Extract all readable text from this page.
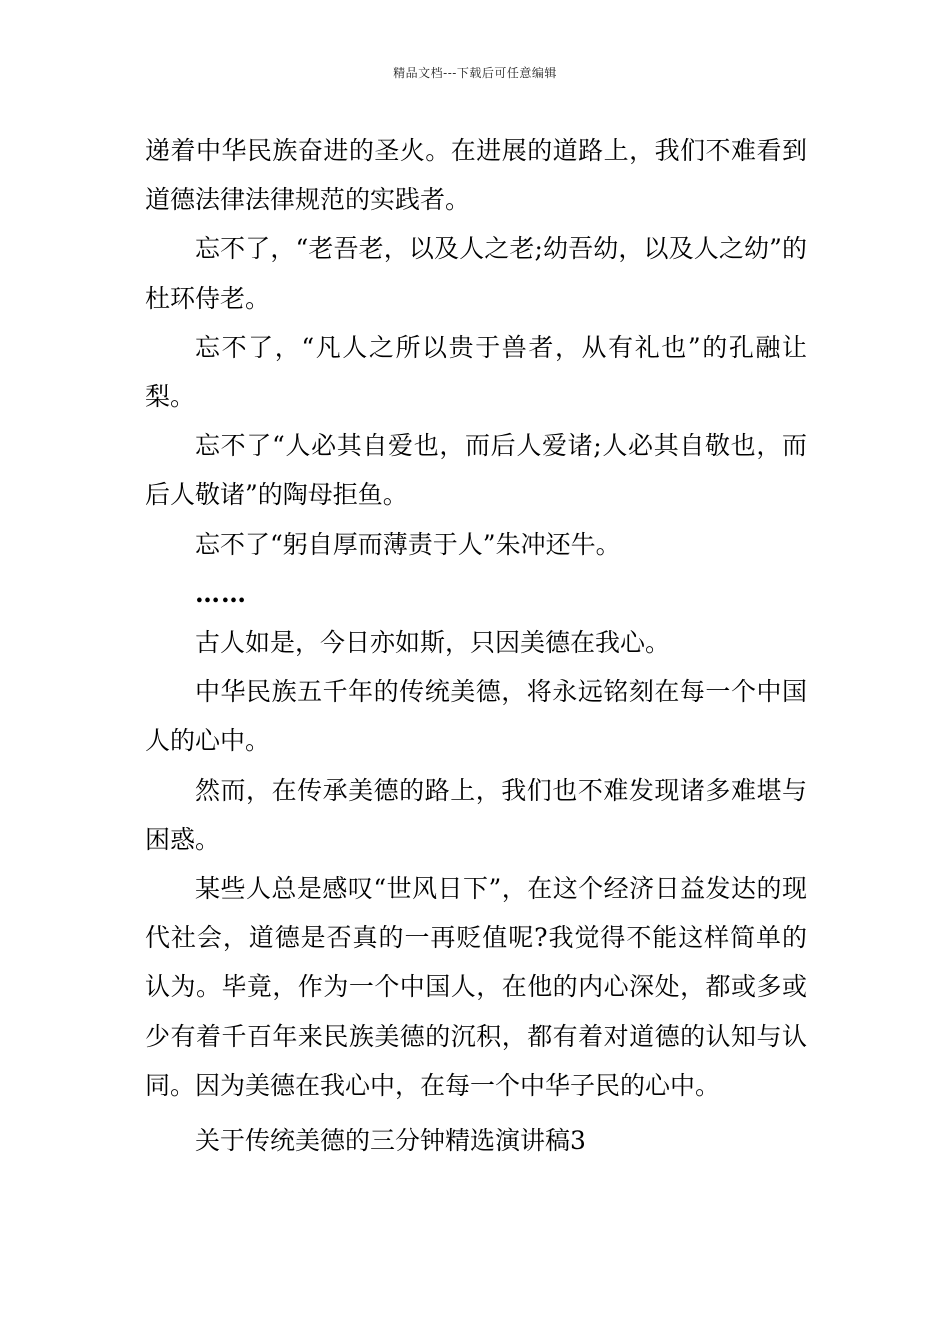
精品文档---下载后可任意编辑

递着中华民族奋进的圣火。在进展的道路上，我们不难看到道德法律法律规范的实践者。

忘不了，“老吾老，以及人之老;幼吾幼，以及人之幼”的杜环侍老。

忘不了，“凡人之所以贵于兽者，从有礼也”的孔融让梨。

忘不了“人必其自爱也，而后人爱诸;人必其自敬也，而后人敬诸”的陶母拒鱼。

忘不了“躬自厚而薄责于人”朱冲还牛。

……

古人如是，今日亦如斯，只因美德在我心。

中华民族五千年的传统美德，将永远铭刻在每一个中国人的心中。

然而，在传承美德的路上，我们也不难发现诸多难堪与困惑。

某些人总是感叹“世风日下”，在这个经济日益发达的现代社会，道德是否真的一再贬值呢?我觉得不能这样简单的认为。毕竟，作为一个中国人，在他的内心深处，都或多或少有着千百年来民族美德的沉积，都有着对道德的认知与认同。因为美德在我心中，在每一个中华子民的心中。

关于传统美德的三分钟精选演讲稿3
